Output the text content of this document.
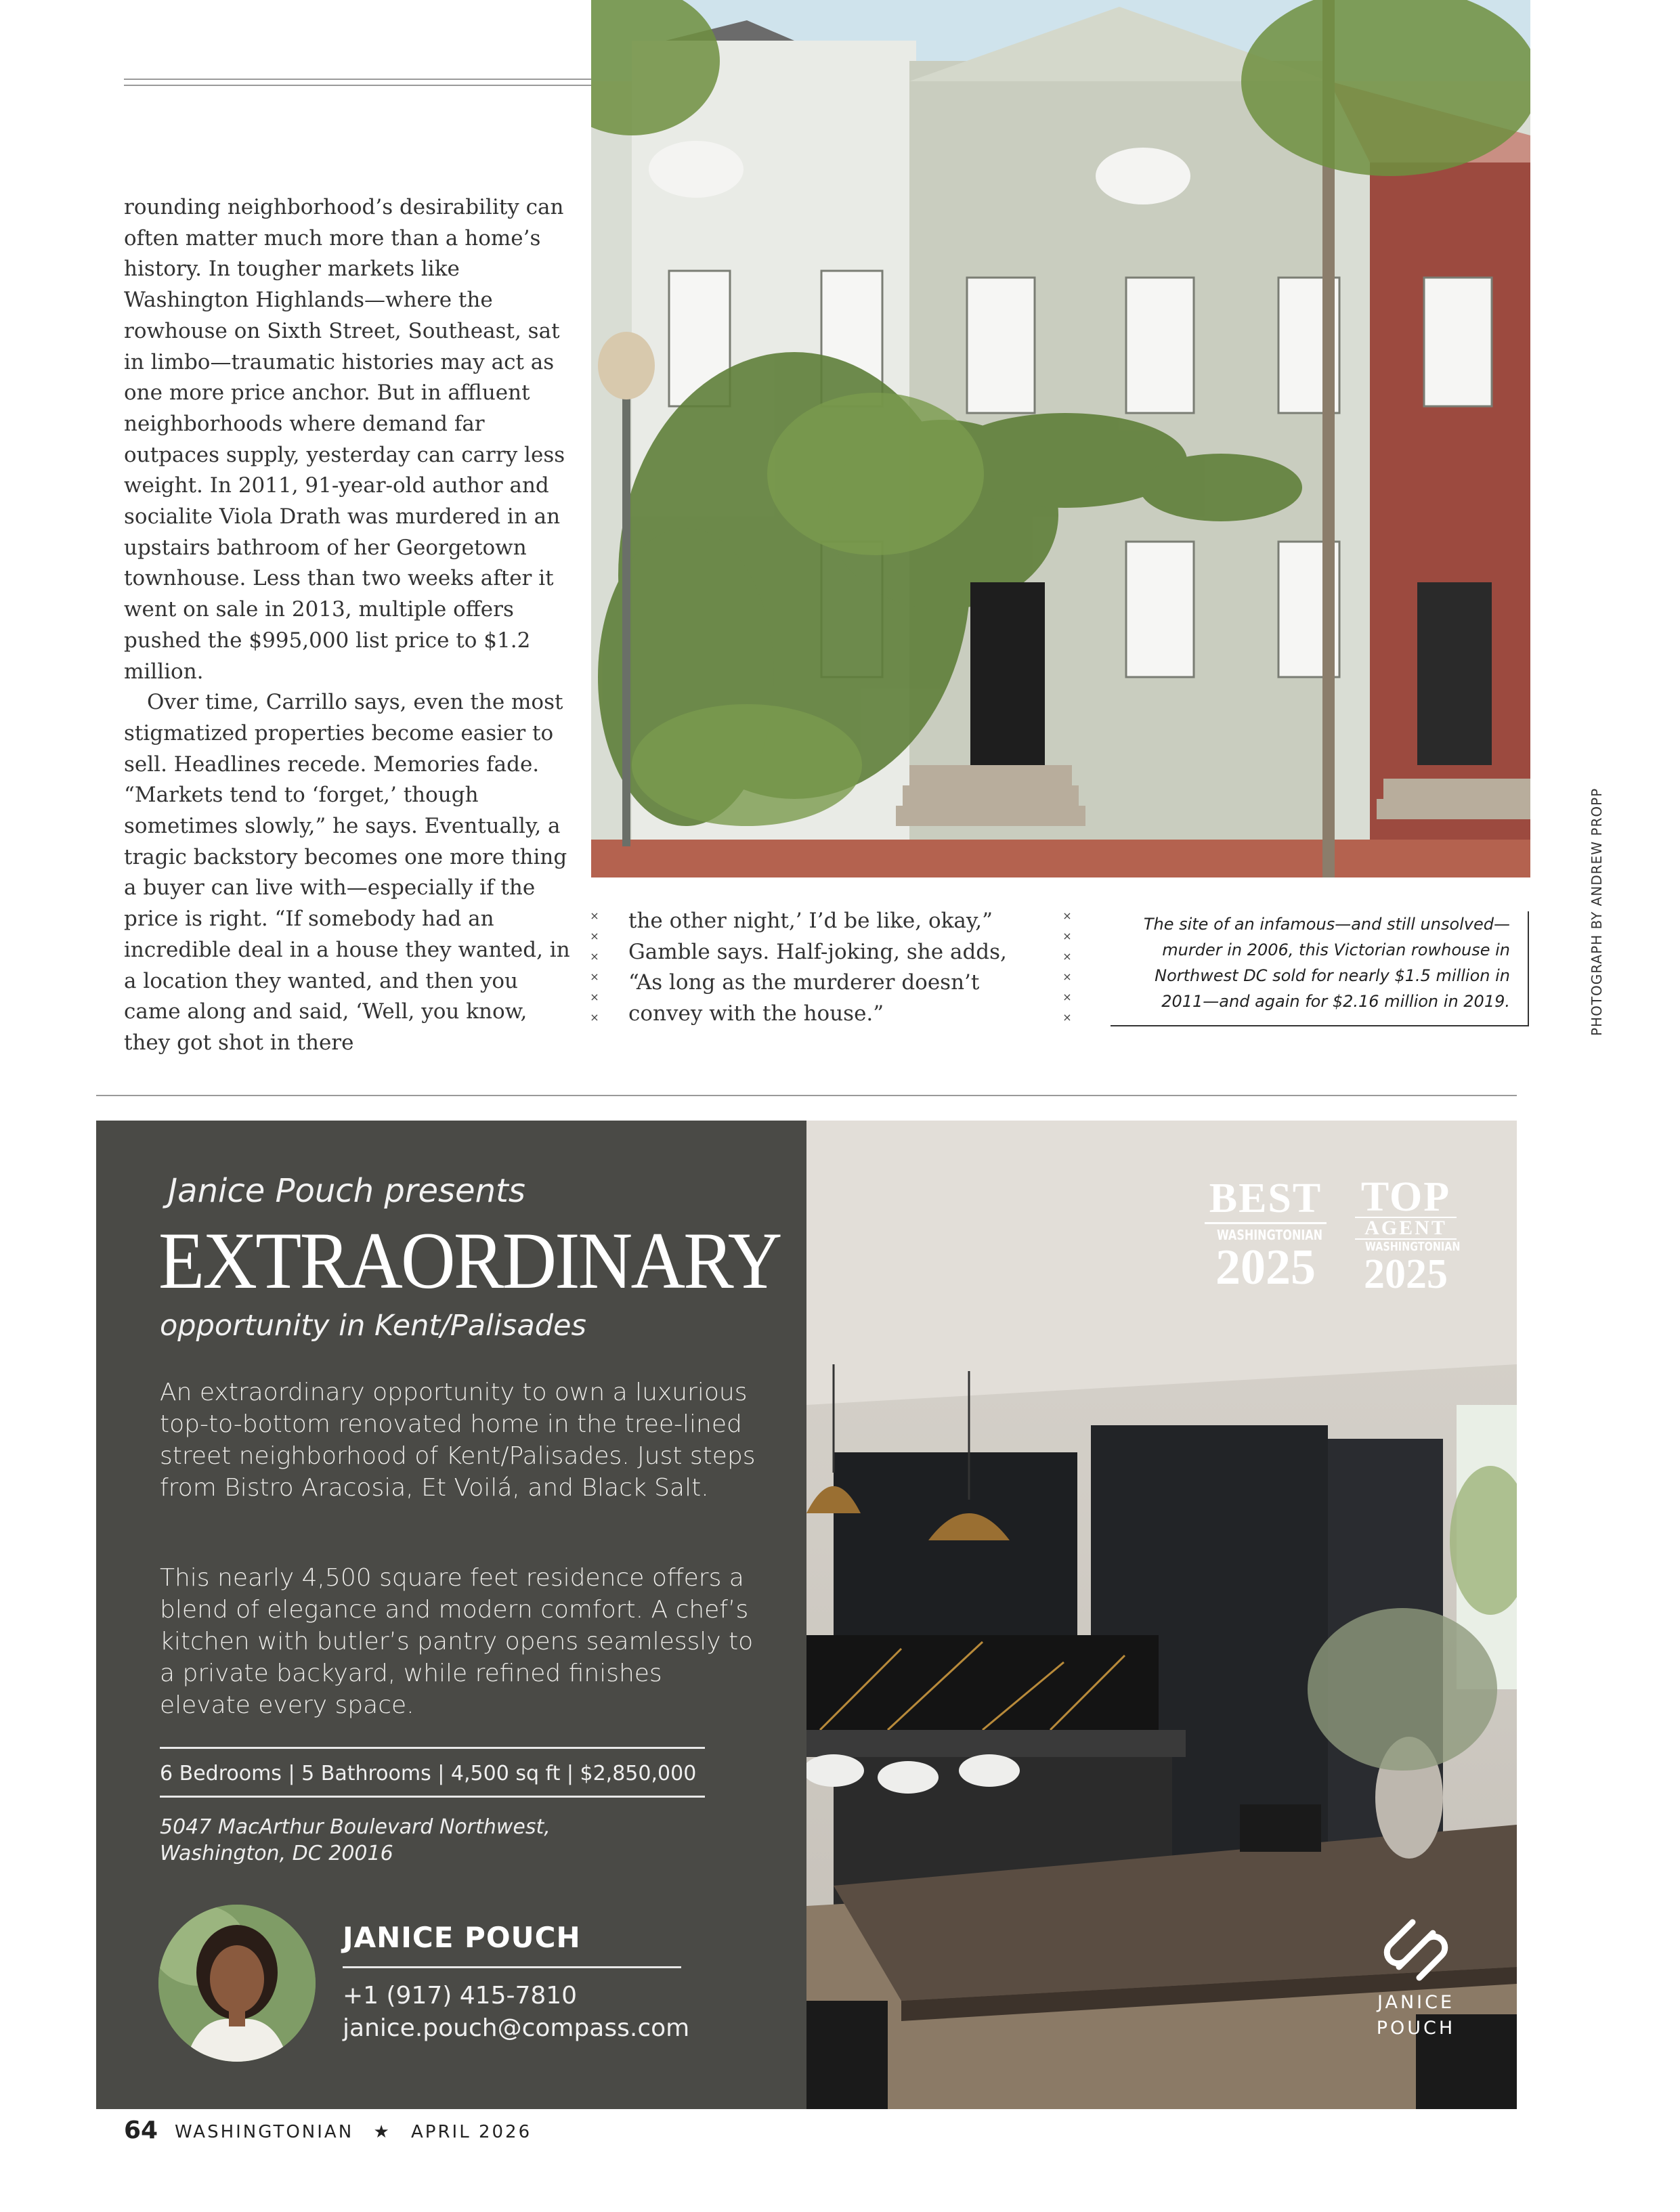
rounding neighborhood’s desirability can often matter much more than a home’s history. In tougher markets like Washington Highlands—where the rowhouse on Sixth Street, Southeast, sat in limbo—traumatic histories may act as one more price anchor. But in affluent neighborhoods where demand far outpaces supply, yesterday can carry less weight. In 2011, 91-year-old author and socialite Viola Drath was murdered in an upstairs bathroom of her Georgetown townhouse. Less than two weeks after it went on sale in 2013, multiple offers pushed the $995,000 list price to $1.2 million.

Over time, Carrillo says, even the most stigmatized properties become easier to sell. Headlines recede. Memories fade. “Markets tend to ‘forget,’ though sometimes slowly,” he says. Eventually, a tragic backstory becomes one more thing a buyer can live with—especially if the price is right. “If somebody had an incredible deal in a house they wanted, in a location they wanted, and then you came along and said, ‘Well, you know, they got shot in there

×
×
×
×
×
×

the other night,’ I’d be like, okay,” Gamble says. Half-joking, she adds, “As long as the murderer doesn’t convey with the house.”

×
×
×
×
×
×	PHOTOGRAPH BY ANDREW PROPP
The site of an infamous—and still unsolved—murder in 2006, this Victorian rowhouse in Northwest DC sold for nearly $1.5 million in 2011—and again for $2.16 million in 2019.
Janice Pouch presents
EXTRAORDINARY
opportunity in Kent/Palisades
An extraordinary opportunity to own a luxurious top-to-bottom renovated home in the tree-lined street neighborhood of Kent/Palisades. Just steps from Bistro Aracosia, Et Voilá, and Black Salt.
This nearly 4,500 square feet residence offers a blend of elegance and modern comfort. A chef’s kitchen with butler’s pantry opens seamlessly to a private backyard, while refined finishes elevate every space.
6 Bedrooms | 5 Bathrooms | 4,500 sq ft | $2,850,000
5047 MacArthur Boulevard Northwest,
Washington, DC 20016
JANICE POUCH
+1 (917) 415-7810
janice.pouch@compass.com
BEST
WASHINGTONIAN
2025
TOP
AGENT
WASHINGTONIAN
2025
JANICE
POUCH
64 WASHINGTONIAN ★ APRIL 2026
